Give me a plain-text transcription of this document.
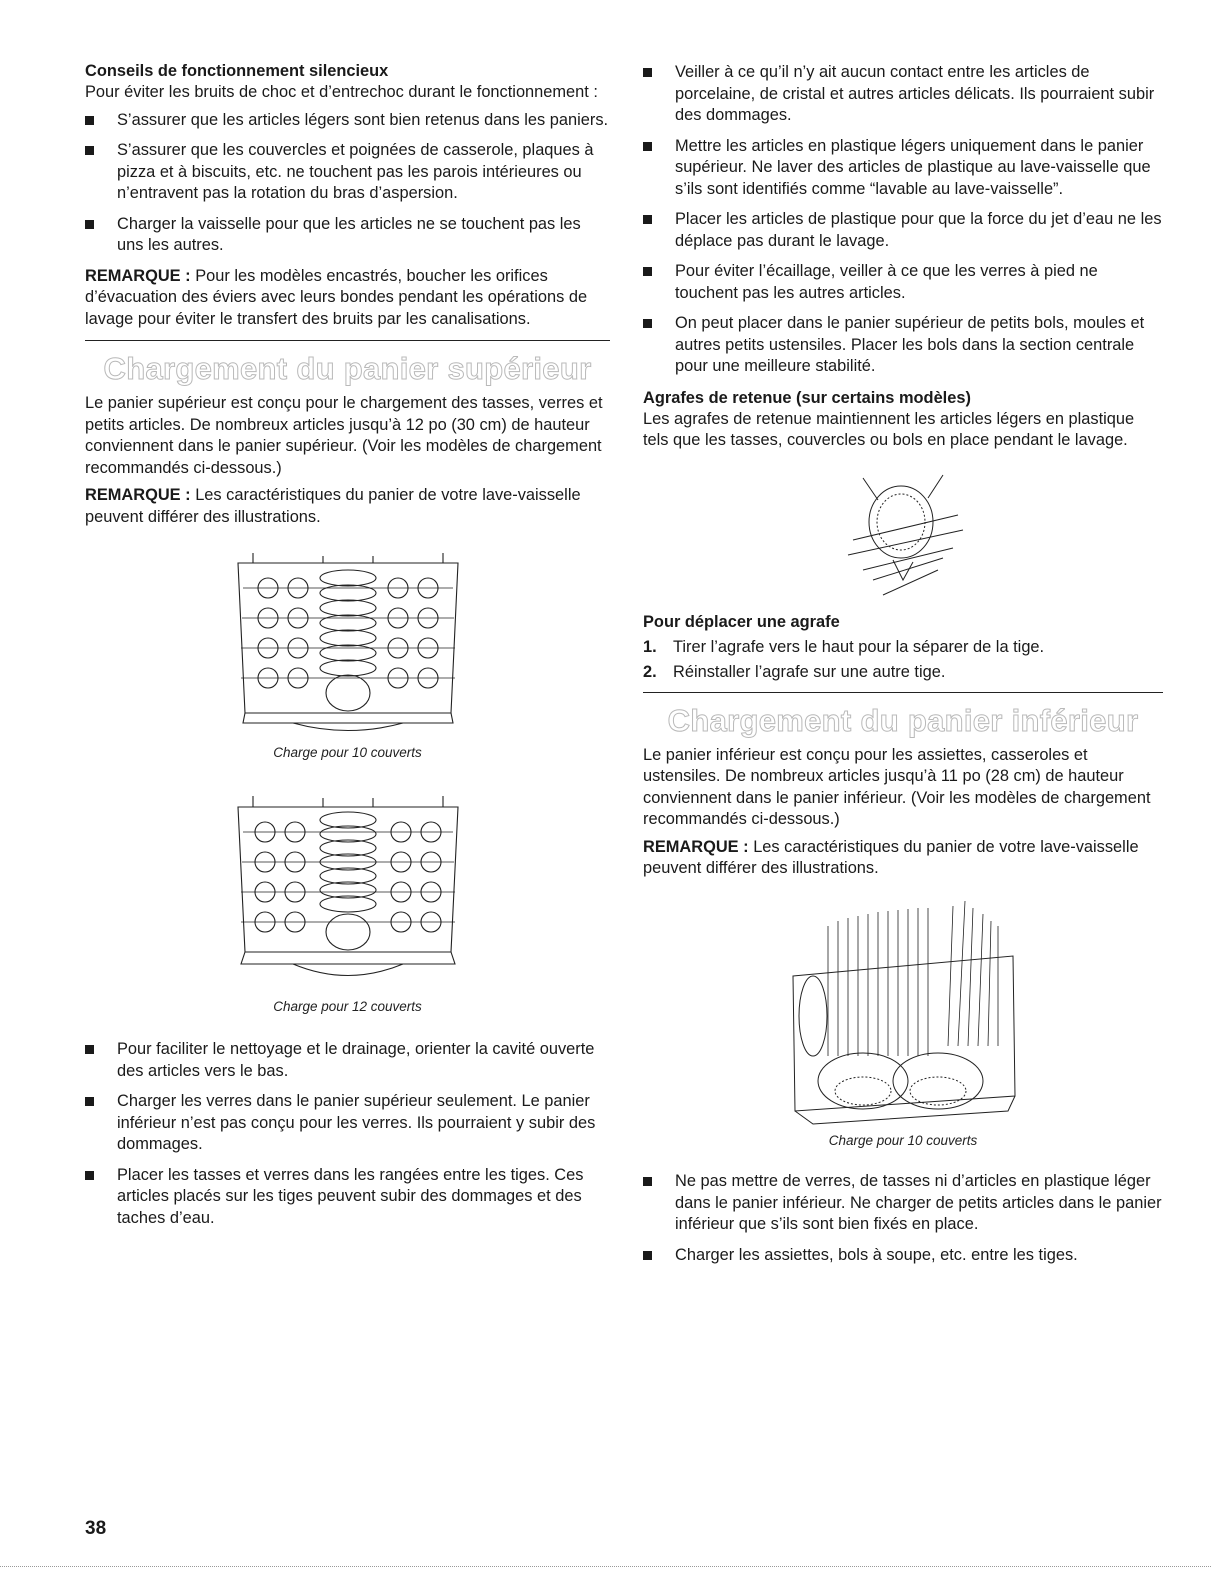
Conseils de fonctionnement silencieux

Pour éviter les bruits de choc et d’entrechoc durant le fonctionnement :

S’assurer que les articles légers sont bien retenus dans les paniers.
S’assurer que les couvercles et poignées de casserole, plaques à pizza et à biscuits, etc. ne touchent pas les parois intérieures ou n’entravent pas la rotation du bras d’aspersion.
Charger la vaisselle pour que les articles ne se touchent pas les uns les autres.

REMARQUE : Pour les modèles encastrés, boucher les orifices d’évacuation des éviers avec leurs bondes pendant les opérations de lavage pour éviter le transfert des bruits par les canalisations.

Chargement du panier supérieur

Le panier supérieur est conçu pour le chargement des tasses, verres et petits articles. De nombreux articles jusqu’à 12 po (30 cm) de hauteur conviennent dans le panier supérieur. (Voir les modèles de chargement recommandés ci-dessous.)

REMARQUE : Les caractéristiques du panier de votre lave-vaisselle peuvent différer des illustrations.

Charge pour 10 couverts

Charge pour 12 couverts

Pour faciliter le nettoyage et le drainage, orienter la cavité ouverte des articles vers le bas.
Charger les verres dans le panier supérieur seulement. Le panier inférieur n’est pas conçu pour les verres. Ils pourraient y subir des dommages.
Placer les tasses et verres dans les rangées entre les tiges. Ces articles placés sur les tiges peuvent subir des dommages et des taches d’eau.
Veiller à ce qu’il n’y ait aucun contact entre les articles de porcelaine, de cristal et autres articles délicats. Ils pourraient subir des dommages.
Mettre les articles en plastique légers uniquement dans le panier supérieur. Ne laver des articles de plastique au lave-vaisselle que s’ils sont identifiés comme “lavable au lave-vaisselle”.
Placer les articles de plastique pour que la force du jet d’eau ne les déplace pas durant le lavage.
Pour éviter l’écaillage, veiller à ce que les verres à pied ne touchent pas les autres articles.
On peut placer dans le panier supérieur de petits bols, moules et autres petits ustensiles. Placer les bols dans la section centrale pour une meilleure stabilité.

Agrafes de retenue (sur certains modèles)

Les agrafes de retenue maintiennent les articles légers en plastique tels que les tasses, couvercles ou bols en place pendant le lavage.

Pour déplacer une agrafe

1. Tirer l’agrafe vers le haut pour la séparer de la tige.
2. Réinstaller l’agrafe sur une autre tige.
Chargement du panier inférieur

Le panier inférieur est conçu pour les assiettes, casseroles et ustensiles. De nombreux articles jusqu’à 11 po (28 cm) de hauteur conviennent dans le panier inférieur. (Voir les modèles de chargement recommandés ci-dessous.)

REMARQUE : Les caractéristiques du panier de votre lave-vaisselle peuvent différer des illustrations.

Charge pour 10 couverts

Ne pas mettre de verres, de tasses ni d’articles en plastique léger dans le panier inférieur. Ne charger de petits articles dans le panier inférieur que s’ils sont bien fixés en place.
Charger les assiettes, bols à soupe, etc. entre les tiges.
38
